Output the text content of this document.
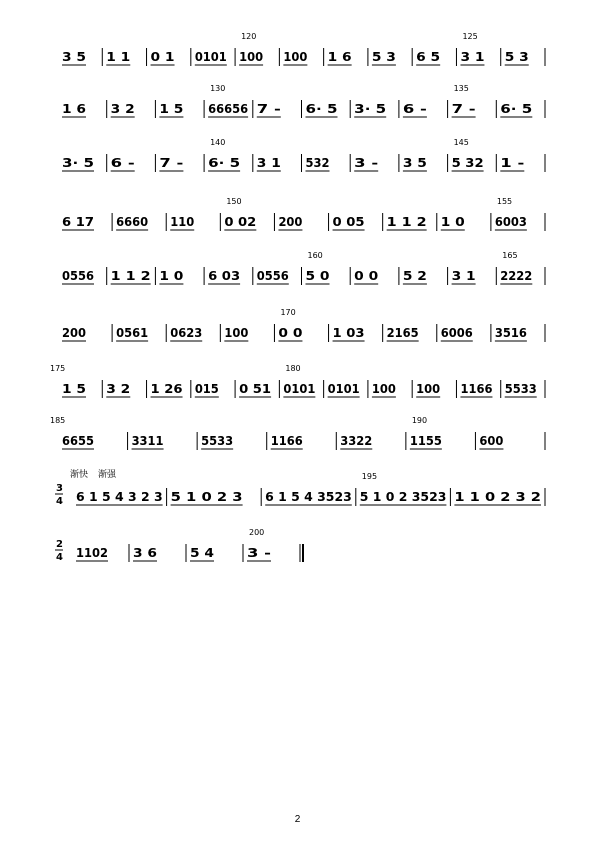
3 5 1 1 0 1 0101 100 100 1 6 5 3 6 5 3 1 5 3
120	125
1 6 3 2 1 5 66656 7 - 6· 5 3· 5 6 - 7 - 6· 5
130	135
3· 5 6 - 7 - 6· 5 3 1 532 3 - 3 5 5 32 1 -
140	145
6 17 6660 110	0 02 200	0 05 1 1 2 1 0	6003
150	155
0556 1 1 2 1 0 6 03 0556 5 0 0 0 5 2 3 1 2222
160	165
200	0561 0623 100	0 0	1 03 2165 6006 3516
170
1 5 3 2 1 26 015 0 51 0101 0101 100 100 1166 5533
175	180
6655	3311	5533	1166	3322	1155	600
185	190
3
4
渐快 渐强
6 1 5 4 3 2 3 5 1 0 2 3 6 1 5 4 3523 5 1 0 2 3523 1 1 0 2 3 2
195
2
4 1102 3 6	5 4	3 -
200
2
